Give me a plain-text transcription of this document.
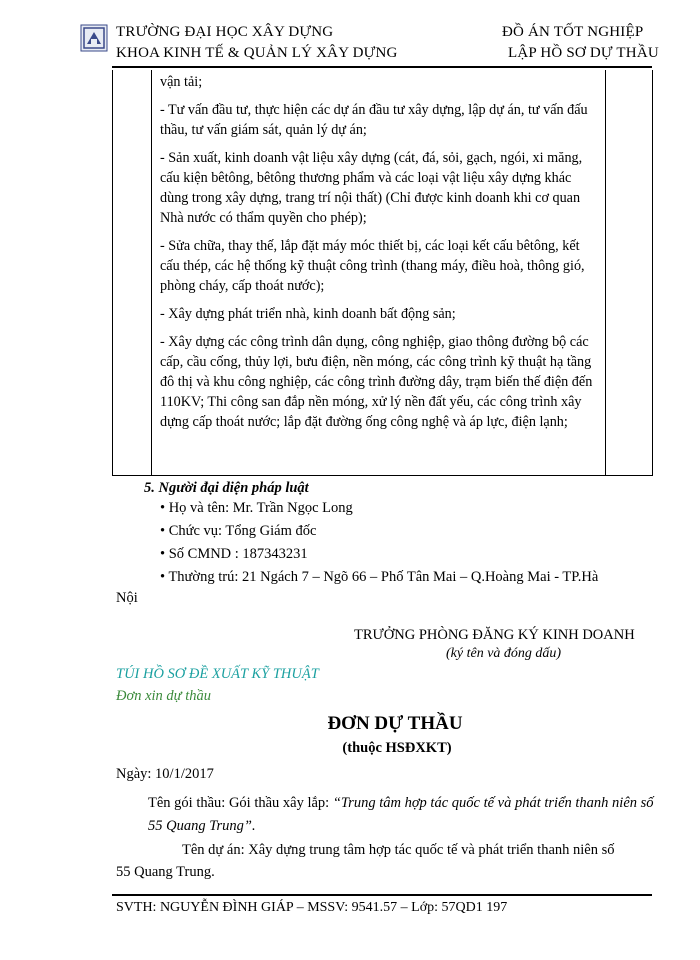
TRƯỜNG ĐẠI HỌC XÂY DỰNG
KHOA KINH TẾ & QUẢN LÝ XÂY DỰNG
ĐỒ ÁN TỐT NGHIỆP
LẬP HỒ SƠ DỰ THẦU

vận tải;

- Tư vấn đầu tư, thực hiện các dự án đầu tư xây dựng, lập dự án, tư vấn đấu thầu, tư vấn giám sát, quản lý dự án;

- Sản xuất, kinh doanh vật liệu xây dựng (cát, đá, sỏi, gạch, ngói, xi măng, cấu kiện bêtông, bêtông thương phẩm và các loại vật liệu xây dựng khác dùng trong xây dựng, trang trí nội thất) (Chỉ được kinh doanh khi cơ quan Nhà nước có thẩm quyền cho phép);

- Sửa chữa, thay thế, lắp đặt máy móc thiết bị, các loại kết cấu bêtông, kết cấu thép, các hệ thống kỹ thuật công trình (thang máy, điều hoà, thông gió, phòng cháy, cấp thoát nước);

- Xây dựng phát triển nhà, kinh doanh bất động sản;

- Xây dựng các công trình dân dụng, công nghiệp, giao thông đường bộ các cấp, cầu cống, thủy lợi, bưu điện, nền móng, các công trình kỹ thuật hạ tầng đô thị và khu công nghiệp, các công trình đường dây, trạm biến thế điện đến 110KV; Thi công san đắp nền móng, xử lý nền đất yếu, các công trình xây dựng cấp thoát nước; lắp đặt đường ống công nghệ và áp lực, điện lạnh;

5. Người đại diện pháp luật
• Họ và tên: Mr. Trần Ngọc Long
• Chức vụ: Tổng Giám đốc
• Số CMND : 187343231
• Thường trú: 21 Ngách 7 – Ngõ 66 – Phố Tân Mai – Q.Hoàng Mai - TP.Hà
Nội
TRƯỞNG PHÒNG ĐĂNG KÝ KINH DOANH
(ký tên và đóng dấu)
TÚI HỒ SƠ ĐỀ XUẤT KỸ THUẬT
Đơn xin dự thầu
ĐƠN DỰ THẦU
(thuộc HSĐXKT)
Ngày: 10/1/2017
Tên gói thầu: Gói thầu xây lắp: “Trung tâm hợp tác quốc tế và phát triển thanh niên số 55 Quang Trung”.
Tên dự án: Xây dựng trung tâm hợp tác quốc tế và phát triển thanh niên số
55 Quang Trung.
SVTH: NGUYỄN ĐÌNH GIÁP – MSSV: 9541.57 – Lớp: 57QD1 197
